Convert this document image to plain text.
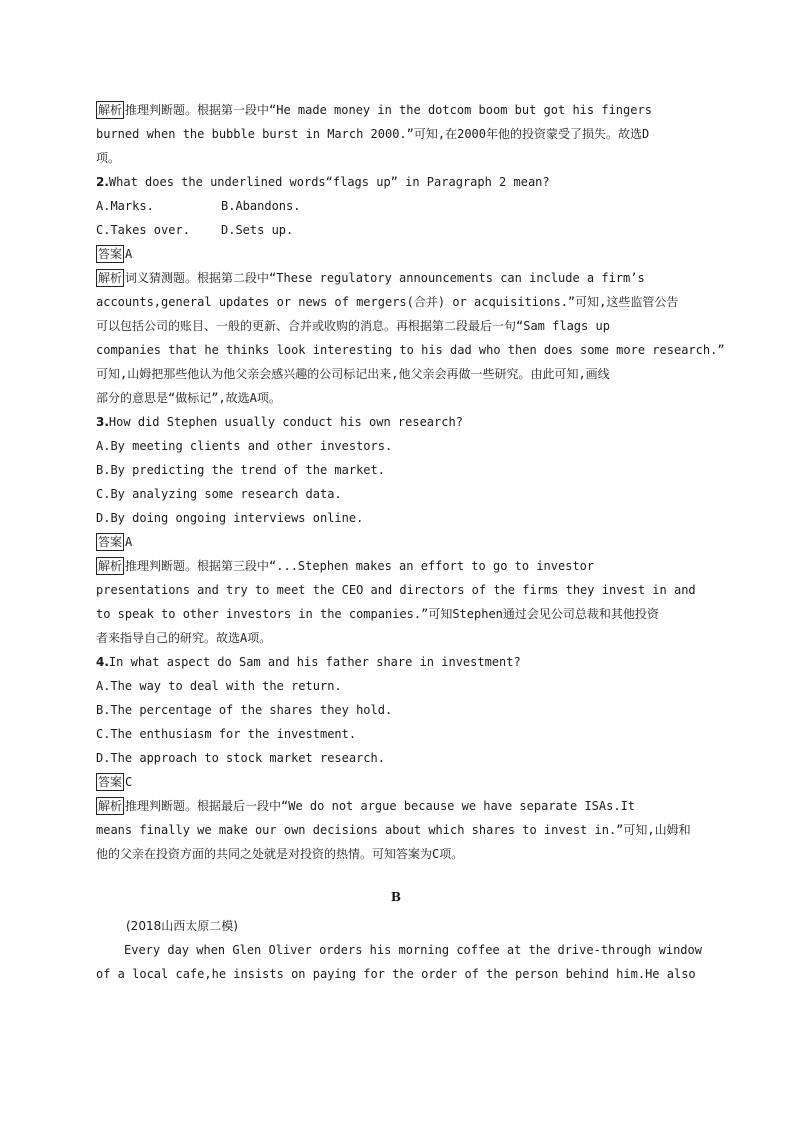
解析 推理判断题。根据第一段中“He made money in the dotcom boom but got his fingers
burned when the bubble burst in March 2000.”可知,在2000年他的投资蒙受了损失。故选D
项。
2.What does the underlined words“flags up” in Paragraph 2 mean?
A.Marks.	B.Abandons.
C.Takes over.	D.Sets up.
答案 A
解析 词义猜测题。根据第二段中“These regulatory announcements can include a firm’s
accounts,general updates or news of mergers(合并) or acquisitions.”可知,这些监管公告
可以包括公司的账目、一般的更新、合并或收购的消息。再根据第二段最后一句“Sam flags up
companies that he thinks look interesting to his dad who then does some more research.”
可知,山姆把那些他认为他父亲会感兴趣的公司标记出来,他父亲会再做一些研究。由此可知,画线
部分的意思是“做标记”,故选A项。
3.How did Stephen usually conduct his own research?
A.By meeting clients and other investors.
B.By predicting the trend of the market.
C.By analyzing some research data.
D.By doing ongoing interviews online.
答案 A
解析 推理判断题。根据第三段中“...Stephen makes an effort to go to investor
presentations and try to meet the CEO and directors of the firms they invest in and
to speak to other investors in the companies.”可知Stephen通过会见公司总裁和其他投资
者来指导自己的研究。故选A项。
4.In what aspect do Sam and his father share in investment?
A.The way to deal with the return.
B.The percentage of the shares they hold.
C.The enthusiasm for the investment.
D.The approach to stock market research.
答案 C
解析 推理判断题。根据最后一段中“We do not argue because we have separate ISAs.It
means finally we make our own decisions about which shares to invest in.”可知,山姆和
他的父亲在投资方面的共同之处就是对投资的热情。可知答案为C项。
B
(2018山西太原二模)
Every day when Glen Oliver orders his morning coffee at the drive-through window
of a local cafe,he insists on paying for the order of the person behind him.He also
